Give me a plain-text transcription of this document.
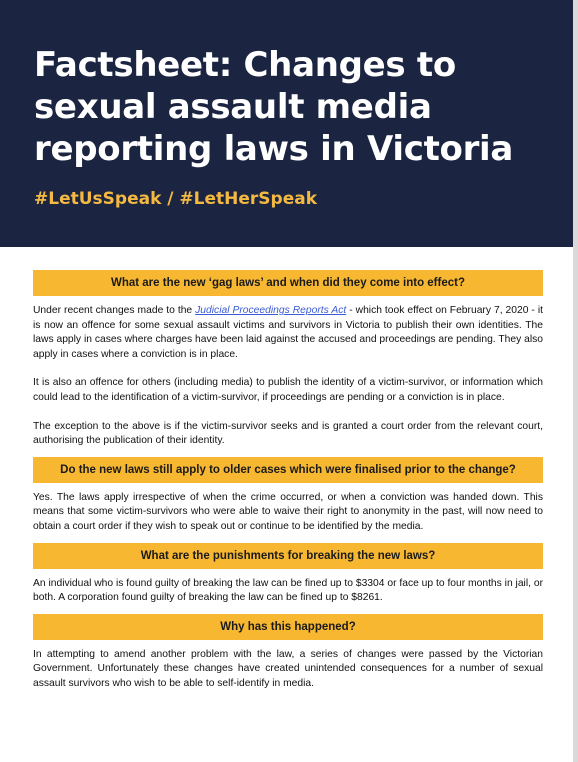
Factsheet: Changes to sexual assault media reporting laws in Victoria

#LetUsSpeak / #LetHerSpeak

What are the new ‘gag laws’ and when did they come into effect?

Under recent changes made to the Judicial Proceedings Reports Act - which took effect on February 7, 2020 - it is now an offence for some sexual assault victims and survivors in Victoria to publish their own identities. The laws apply in cases where charges have been laid against the accused and proceedings are pending. They also apply in cases where a conviction is in place.

It is also an offence for others (including media) to publish the identity of a victim-survivor, or information which could lead to the identification of a victim-survivor, if proceedings are pending or a conviction is in place.

The exception to the above is if the victim-survivor seeks and is granted a court order from the relevant court, authorising the publication of their identity.

Do the new laws still apply to older cases which were finalised prior to the change?

Yes. The laws apply irrespective of when the crime occurred, or when a conviction was handed down. This means that some victim-survivors who were able to waive their right to anonymity in the past, will now need to obtain a court order if they wish to speak out or continue to be identified by the media.

What are the punishments for breaking the new laws?

An individual who is found guilty of breaking the law can be fined up to $3304 or face up to four months in jail, or both. A corporation found guilty of breaking the law can be fined up to $8261.

Why has this happened?

In attempting to amend another problem with the law, a series of changes were passed by the Victorian Government. Unfortunately these changes have created unintended consequences for a number of sexual assault survivors who wish to be able to self-identify in media.
